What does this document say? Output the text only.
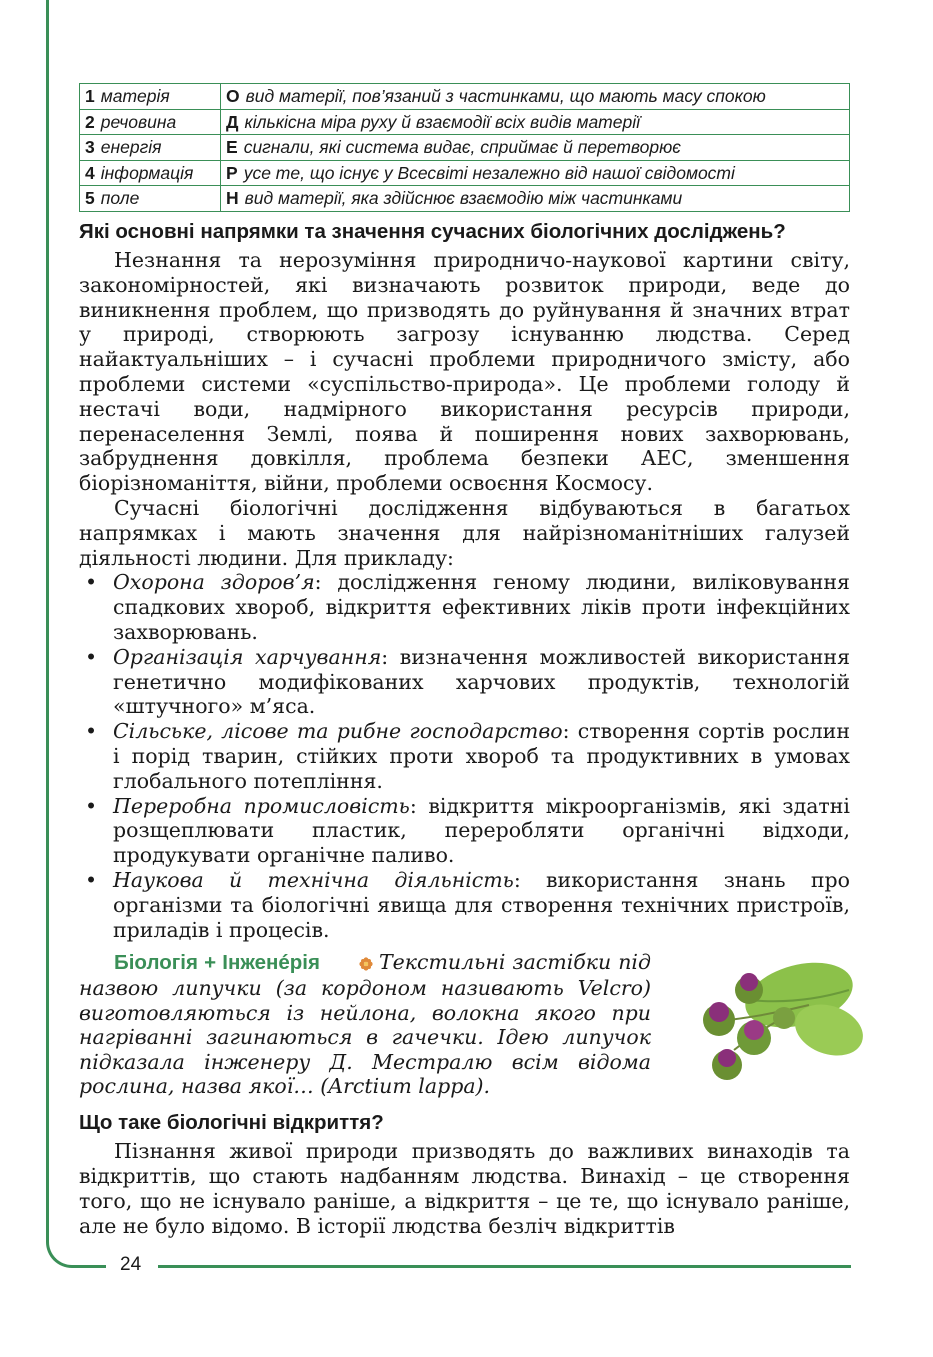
24
1 матерія	О вид матерії, пов’язаний з частинками, що мають масу спокою
2 речовина	Д кількісна міра руху й взаємодії всіх видів матерії
3 енергія	Е сигнали, які система видає, сприймає й перетворює
4 інформація	Р усе те, що існує у Всесвіті незалежно від нашої свідомості
5 поле	Н вид матерії, яка здійснює взаємодію між частинками
Які основні напрямки та значення сучасних біологічних досліджень?

Незнання та нерозуміння природничо-наукової картини світу, закономірностей, які визначають розвиток природи, веде до виникнення проблем, що призводять до руйнування й значних втрат у природі, створюють загрозу існуванню людства. Серед найактуальніших – і сучасні проблеми природничого змісту, або проблеми системи «суспільство-природа». Це проблеми голоду й нестачі води, надмірного використання ресурсів природи, перенаселення Землі, поява й поширення нових захворювань, забруднення довкілля, проблема безпеки АЕС, зменшення біорізноманіття, війни, проблеми освоєння Космосу.

Сучасні біологічні дослідження відбуваються в багатьох напрямках і мають значення для найрізноманітніших галузей діяльності людини. Для прикладу:

• Охорона здоров’я: дослідження геному людини, виліковування спадкових хвороб, відкриття ефективних ліків проти інфекційних захворювань.
• Організація харчування: визначення можливостей використання генетично модифікованих харчових продуктів, технологій «штучного» м’яса.
• Сільське, лісове та рибне господарство: створення сортів рослин і порід тварин, стійких проти хвороб та продуктивних в умовах глобального потепління.
• Переробна промисловість: відкриття мікроорганізмів, які здатні розщеплювати пластик, переробляти органічні відходи, продукувати органічне паливо.
• Наукова й технічна діяльність: використання знань про організми та біологічні явища для створення технічних пристроїв, приладів і процесів.
Біологія + Інженéрія	Текстильні застібки під назвою липучки (за кордоном називають Velcro) виготовляються із нейлона, волокна якого при нагріванні загинаються в гачечки. Ідею липучок підказала інженеру Д. Местралю всім відома рослина, назва якої… (Arctium lappa).
Що таке біологічні відкриття?

Пізнання живої природи призводять до важливих винаходів та відкриттів, що стають надбанням людства. Винахід – це створення того, що не існувало раніше, а відкриття – це те, що існувало раніше, але не було відомо. В історії людства безліч відкриттів
